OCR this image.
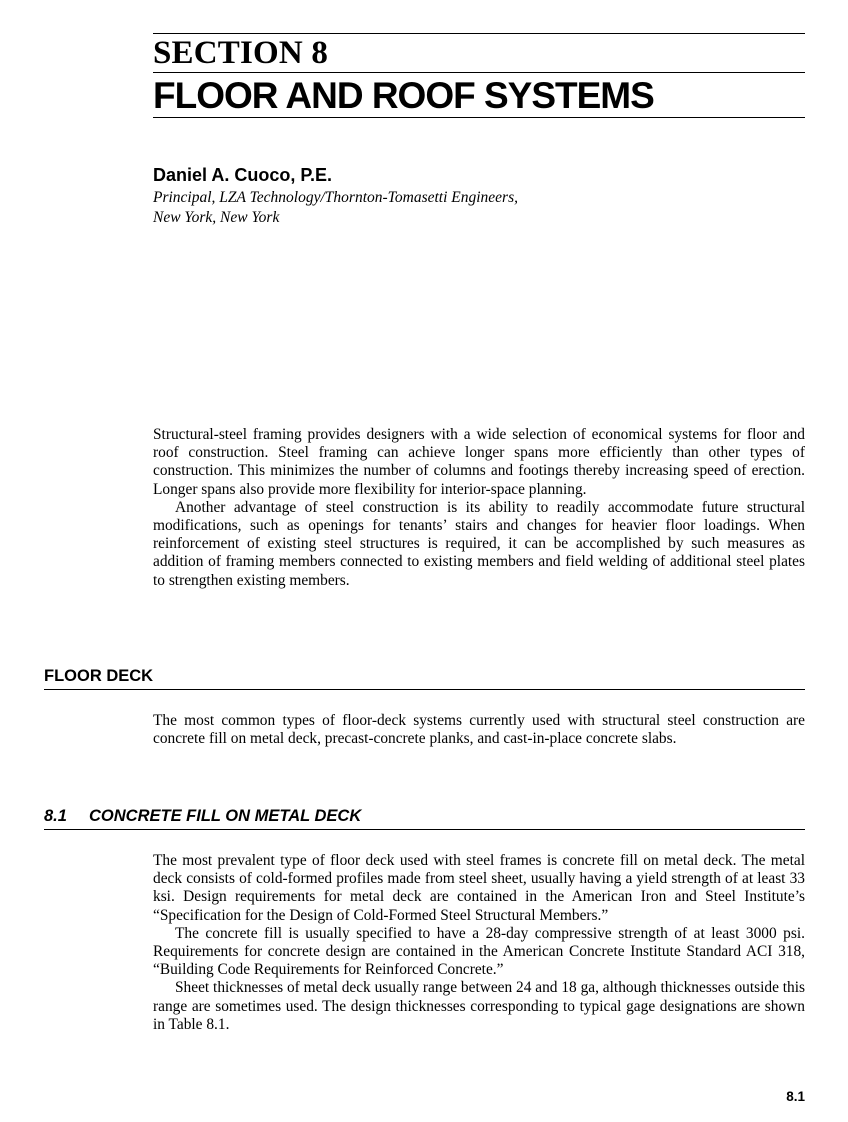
SECTION 8
FLOOR AND ROOF SYSTEMS
Daniel A. Cuoco, P.E.
Principal, LZA Technology/Thornton-Tomasetti Engineers,
New York, New York

Structural-steel framing provides designers with a wide selection of economical systems for floor and roof construction. Steel framing can achieve longer spans more efficiently than other types of construction. This minimizes the number of columns and footings thereby increasing speed of erection. Longer spans also provide more flexibility for interior-space planning.

Another advantage of steel construction is its ability to readily accommodate future structural modifications, such as openings for tenants’ stairs and changes for heavier floor loadings. When reinforcement of existing steel structures is required, it can be accomplished by such measures as addition of framing members connected to existing members and field welding of additional steel plates to strengthen existing members.

FLOOR DECK

The most common types of floor-deck systems currently used with structural steel construction are concrete fill on metal deck, precast-concrete planks, and cast-in-place concrete slabs.

8.1 CONCRETE FILL ON METAL DECK

The most prevalent type of floor deck used with steel frames is concrete fill on metal deck. The metal deck consists of cold-formed profiles made from steel sheet, usually having a yield strength of at least 33 ksi. Design requirements for metal deck are contained in the American Iron and Steel Institute’s “Specification for the Design of Cold-Formed Steel Structural Members.”

The concrete fill is usually specified to have a 28-day compressive strength of at least 3000 psi. Requirements for concrete design are contained in the American Concrete Institute Standard ACI 318, “Building Code Requirements for Reinforced Concrete.”

Sheet thicknesses of metal deck usually range between 24 and 18 ga, although thicknesses outside this range are sometimes used. The design thicknesses corresponding to typical gage designations are shown in Table 8.1.

8.1
